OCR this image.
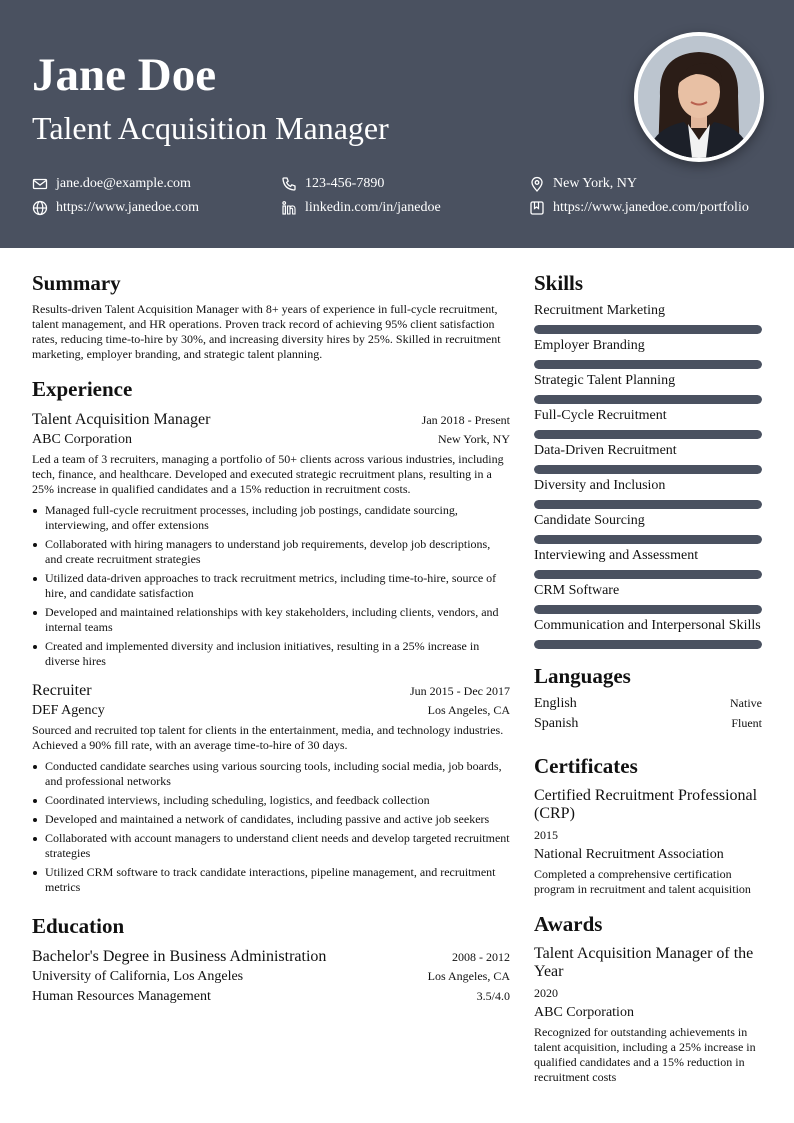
Jane Doe
Talent Acquisition Manager
jane.doe@example.com	123-456-7890	New York, NY
https://www.janedoe.com	linkedin.com/in/janedoe	https://www.janedoe.com/portfolio
Summary

Results-driven Talent Acquisition Manager with 8+ years of experience in full-cycle recruitment, talent management, and HR operations. Proven track record of achieving 95% client satisfaction rates, reducing time-to-hire by 30%, and increasing diversity hires by 25%. Skilled in recruitment marketing, employer branding, and strategic talent planning.

Experience
Talent Acquisition Manager	Jan 2018 - Present
ABC Corporation	New York, NY

Led a team of 3 recruiters, managing a portfolio of 50+ clients across various industries, including tech, finance, and healthcare. Developed and executed strategic recruitment plans, resulting in a 25% increase in qualified candidates and a 15% reduction in recruitment costs.

Managed full-cycle recruitment processes, including job postings, candidate sourcing, interviewing, and offer extensions
Collaborated with hiring managers to understand job requirements, develop job descriptions, and create recruitment strategies
Utilized data-driven approaches to track recruitment metrics, including time-to-hire, source of hire, and candidate satisfaction
Developed and maintained relationships with key stakeholders, including clients, vendors, and internal teams
Created and implemented diversity and inclusion initiatives, resulting in a 25% increase in diverse hires
Recruiter	Jun 2015 - Dec 2017
DEF Agency	Los Angeles, CA

Sourced and recruited top talent for clients in the entertainment, media, and technology industries. Achieved a 90% fill rate, with an average time-to-hire of 30 days.

Conducted candidate searches using various sourcing tools, including social media, job boards, and professional networks
Coordinated interviews, including scheduling, logistics, and feedback collection
Developed and maintained a network of candidates, including passive and active job seekers
Collaborated with account managers to understand client needs and develop targeted recruitment strategies
Utilized CRM software to track candidate interactions, pipeline management, and recruitment metrics
Education
Bachelor's Degree in Business Administration	2008 - 2012
University of California, Los Angeles	Los Angeles, CA
Human Resources Management	3.5/4.0
Skills
Recruitment Marketing
Employer Branding
Strategic Talent Planning
Full-Cycle Recruitment
Data-Driven Recruitment
Diversity and Inclusion
Candidate Sourcing
Interviewing and Assessment
CRM Software
Communication and Interpersonal Skills
Languages
English	Native
Spanish	Fluent
Certificates
Certified Recruitment Professional (CRP)
2015
National Recruitment Association

Completed a comprehensive certification program in recruitment and talent acquisition

Awards
Talent Acquisition Manager of the Year
2020
ABC Corporation

Recognized for outstanding achievements in talent acquisition, including a 25% increase in qualified candidates and a 15% reduction in recruitment costs
